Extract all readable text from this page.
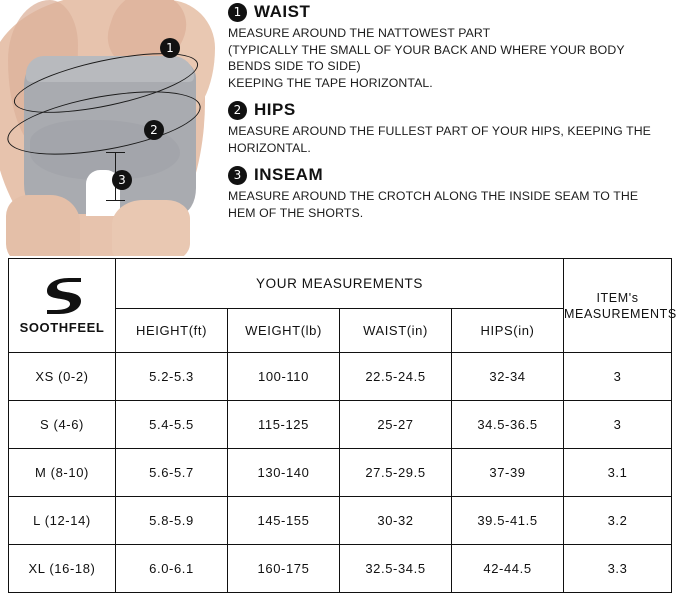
1
2
3
1 WAIST
MEASURE AROUND THE NATTOWEST PART
(TYPICALLY THE SMALL OF YOUR BACK AND WHERE YOUR BODY
BENDS SIDE TO SIDE)
KEEPING THE TAPE HORIZONTAL.
2 HIPS
MEASURE AROUND THE FULLEST PART OF YOUR HIPS, KEEPING THE
HORIZONTAL.
3 INSEAM
MEASURE AROUND THE CROTCH ALONG THE INSIDE SEAM TO THE
HEM OF THE SHORTS.
SOOTHFEEL	YOUR MEASUREMENTS				ITEM's
MEASUREMENTS

	HEIGHT(ft)	WEIGHT(lb)	WAIST(in)	HIPS(in)	
XS (0-2)	5.2-5.3	100-110	22.5-24.5	32-34	3
S (4-6)	5.4-5.5	115-125	25-27	34.5-36.5	3
M (8-10)	5.6-5.7	130-140	27.5-29.5	37-39	3.1
L (12-14)	5.8-5.9	145-155	30-32	39.5-41.5	3.2
XL (16-18)	6.0-6.1	160-175	32.5-34.5	42-44.5	3.3
